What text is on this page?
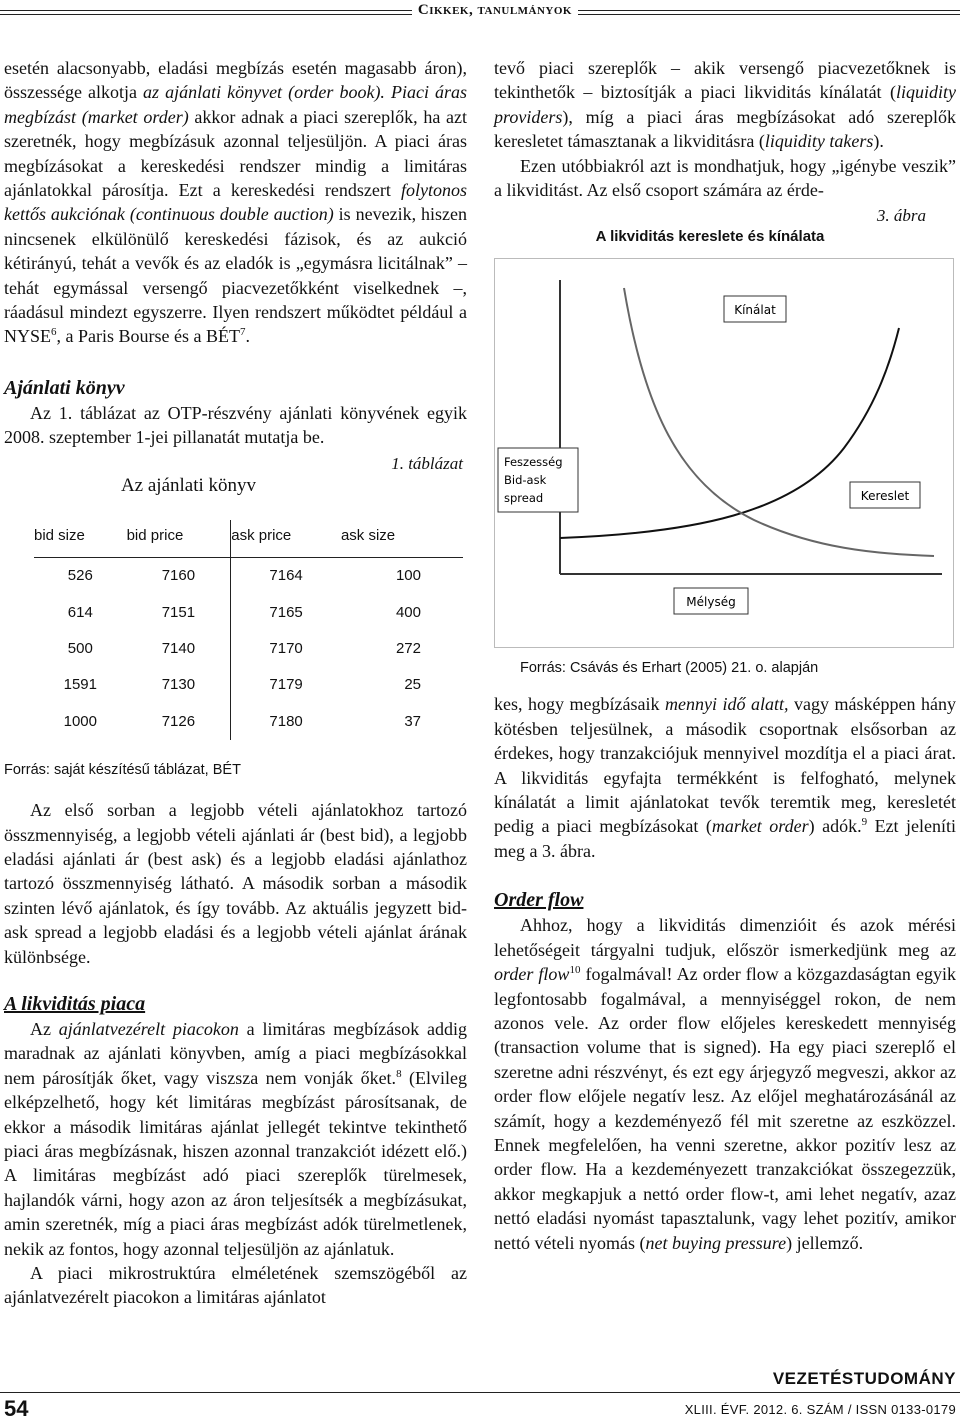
Cikkek, tanulmányok

esetén alacsonyabb, eladási megbízás esetén magasabb áron), összessége alkotja az ajánlati könyvet (order book). Piaci áras megbízást (market order) akkor adnak a piaci szereplők, ha azt szeretnék, hogy megbízásuk azonnal teljesüljön. A piaci áras megbízásokat a kereskedési rendszer mindig a limitáras ajánlatokkal párosítja. Ezt a kereskedési rendszert folytonos kettős aukciónak (continuous double auction) is nevezik, hiszen nincsenek elkülönülő kereskedési fázisok, és az aukció kétirányú, tehát a vevők és az eladók is „egymásra licitálnak” – tehát egymással versengő piacvezetőkként viselkednek –, ráadásul mindezt egyszerre. Ilyen rendszert működtet például a NYSE$^6$, a Paris Bourse és a BÉT$^7$.

Ajánlati könyv

Az 1. táblázat az OTP-részvény ajánlati könyvének egyik 2008. szeptember 1-jei pillanatát mutatja be.

1. táblázat
Az ajánlati könyv
bid size	bid price	ask price	ask size
526	7160	7164	100
614	7151	7165	400
500	7140	7170	272
1591	7130	7179	25
1000	7126	7180	37
Forrás: saját készítésű táblázat, BÉT

Az első sorban a legjobb vételi ajánlatokhoz tartozó összmennyiség, a legjobb vételi ajánlati ár (best bid), a legjobb eladási ajánlati ár (best ask) és a legjobb eladási ajánlathoz tartozó összmennyiség látható. A második sorban a második szinten lévő ajánlatok, és így tovább. Az aktuális jegyzett bid-ask spread a legjobb eladási és a legjobb vételi ajánlat árának különbsége.

A likviditás piaca

Az ajánlatvezérelt piacokon a limitáras megbízások addig maradnak az ajánlati könyvben, amíg a piaci megbízásokkal nem párosítják őket, vagy viszsza nem vonják őket.$^8$ (Elvileg elképzelhető, hogy két limitáras megbízást párosítsanak, de ekkor a második limitáras ajánlat jellegét tekintve tekinthető piaci áras megbízásnak, hiszen azonnal tranzakciót idézett elő.) A limitáras megbízást adó piaci szereplők türelmesek, hajlandók várni, hogy azon az áron teljesítsék a megbízásukat, amin szeretnék, míg a piaci áras megbízást adók türelmetlenek, nekik az fontos, hogy azonnal teljesüljön az ajánlatuk.

A piaci mikrostruktúra elméletének szemszögéből az ajánlatvezérelt piacokon a limitáras ajánlatot

tevő piaci szereplők – akik versengő piacvezetőknek is tekinthetők – biztosítják a piaci likviditás kínálatát (liquidity providers), míg a piaci áras megbízásokat adó szereplők keresletet támasztanak a likviditásra (liquidity takers).

Ezen utóbbiakról azt is mondhatjuk, hogy „igénybe veszik” a likviditást. Az első csoport számára az érde-

3. ábra
A likviditás kereslete és kínálata
Kínálat
Feszesség
Bid-ask
spread	Kereslet
Mélység
Forrás: Csávás és Erhart (2005) 21. o. alapján

kes, hogy megbízásaik mennyi idő alatt, vagy másképpen hány kötésben teljesülnek, a második csoportnak elsősorban az érdekes, hogy tranzakciójuk mennyivel mozdítja el a piaci árat. A likviditás egyfajta termékként is felfogható, melynek kínálatát a limit ajánlatokat tevők teremtik meg, keresletét pedig a piaci megbízásokat (market order) adók.$^9$ Ezt jeleníti meg a 3. ábra.

Order flow

Ahhoz, hogy a likviditás dimenzióit és azok mérési lehetőségeit tárgyalni tudjuk, először ismerkedjünk meg az order flow$^{10}$ fogalmával! Az order flow a közgazdaságtan egyik legfontosabb fogalmával, a mennyiséggel rokon, de nem azonos vele. Az order flow előjeles kereskedett mennyiség (transaction volume that is signed). Ha egy piaci szereplő el szeretne adni részvényt, és ezt egy árjegyző megveszi, akkor az order flow előjele negatív lesz. Az előjel meghatározásánál az számít, hogy a kezdeményező fél mit szeretne az eszközzel. Ennek megfelelően, ha venni szeretne, akkor pozitív lesz az order flow. Ha a kezdeményezett tranzakciókat összegezzük, akkor megkapjuk a nettó order flow-t, ami lehet negatív, azaz nettó eladási nyomást tapasztalunk, vagy lehet pozitív, amikor nettó vételi nyomás (net buying pressure) jellemző.

VEZETÉSTUDOMÁNY
54	XLIII. ÉVF. 2012. 6. SZÁM / ISSN 0133-0179
